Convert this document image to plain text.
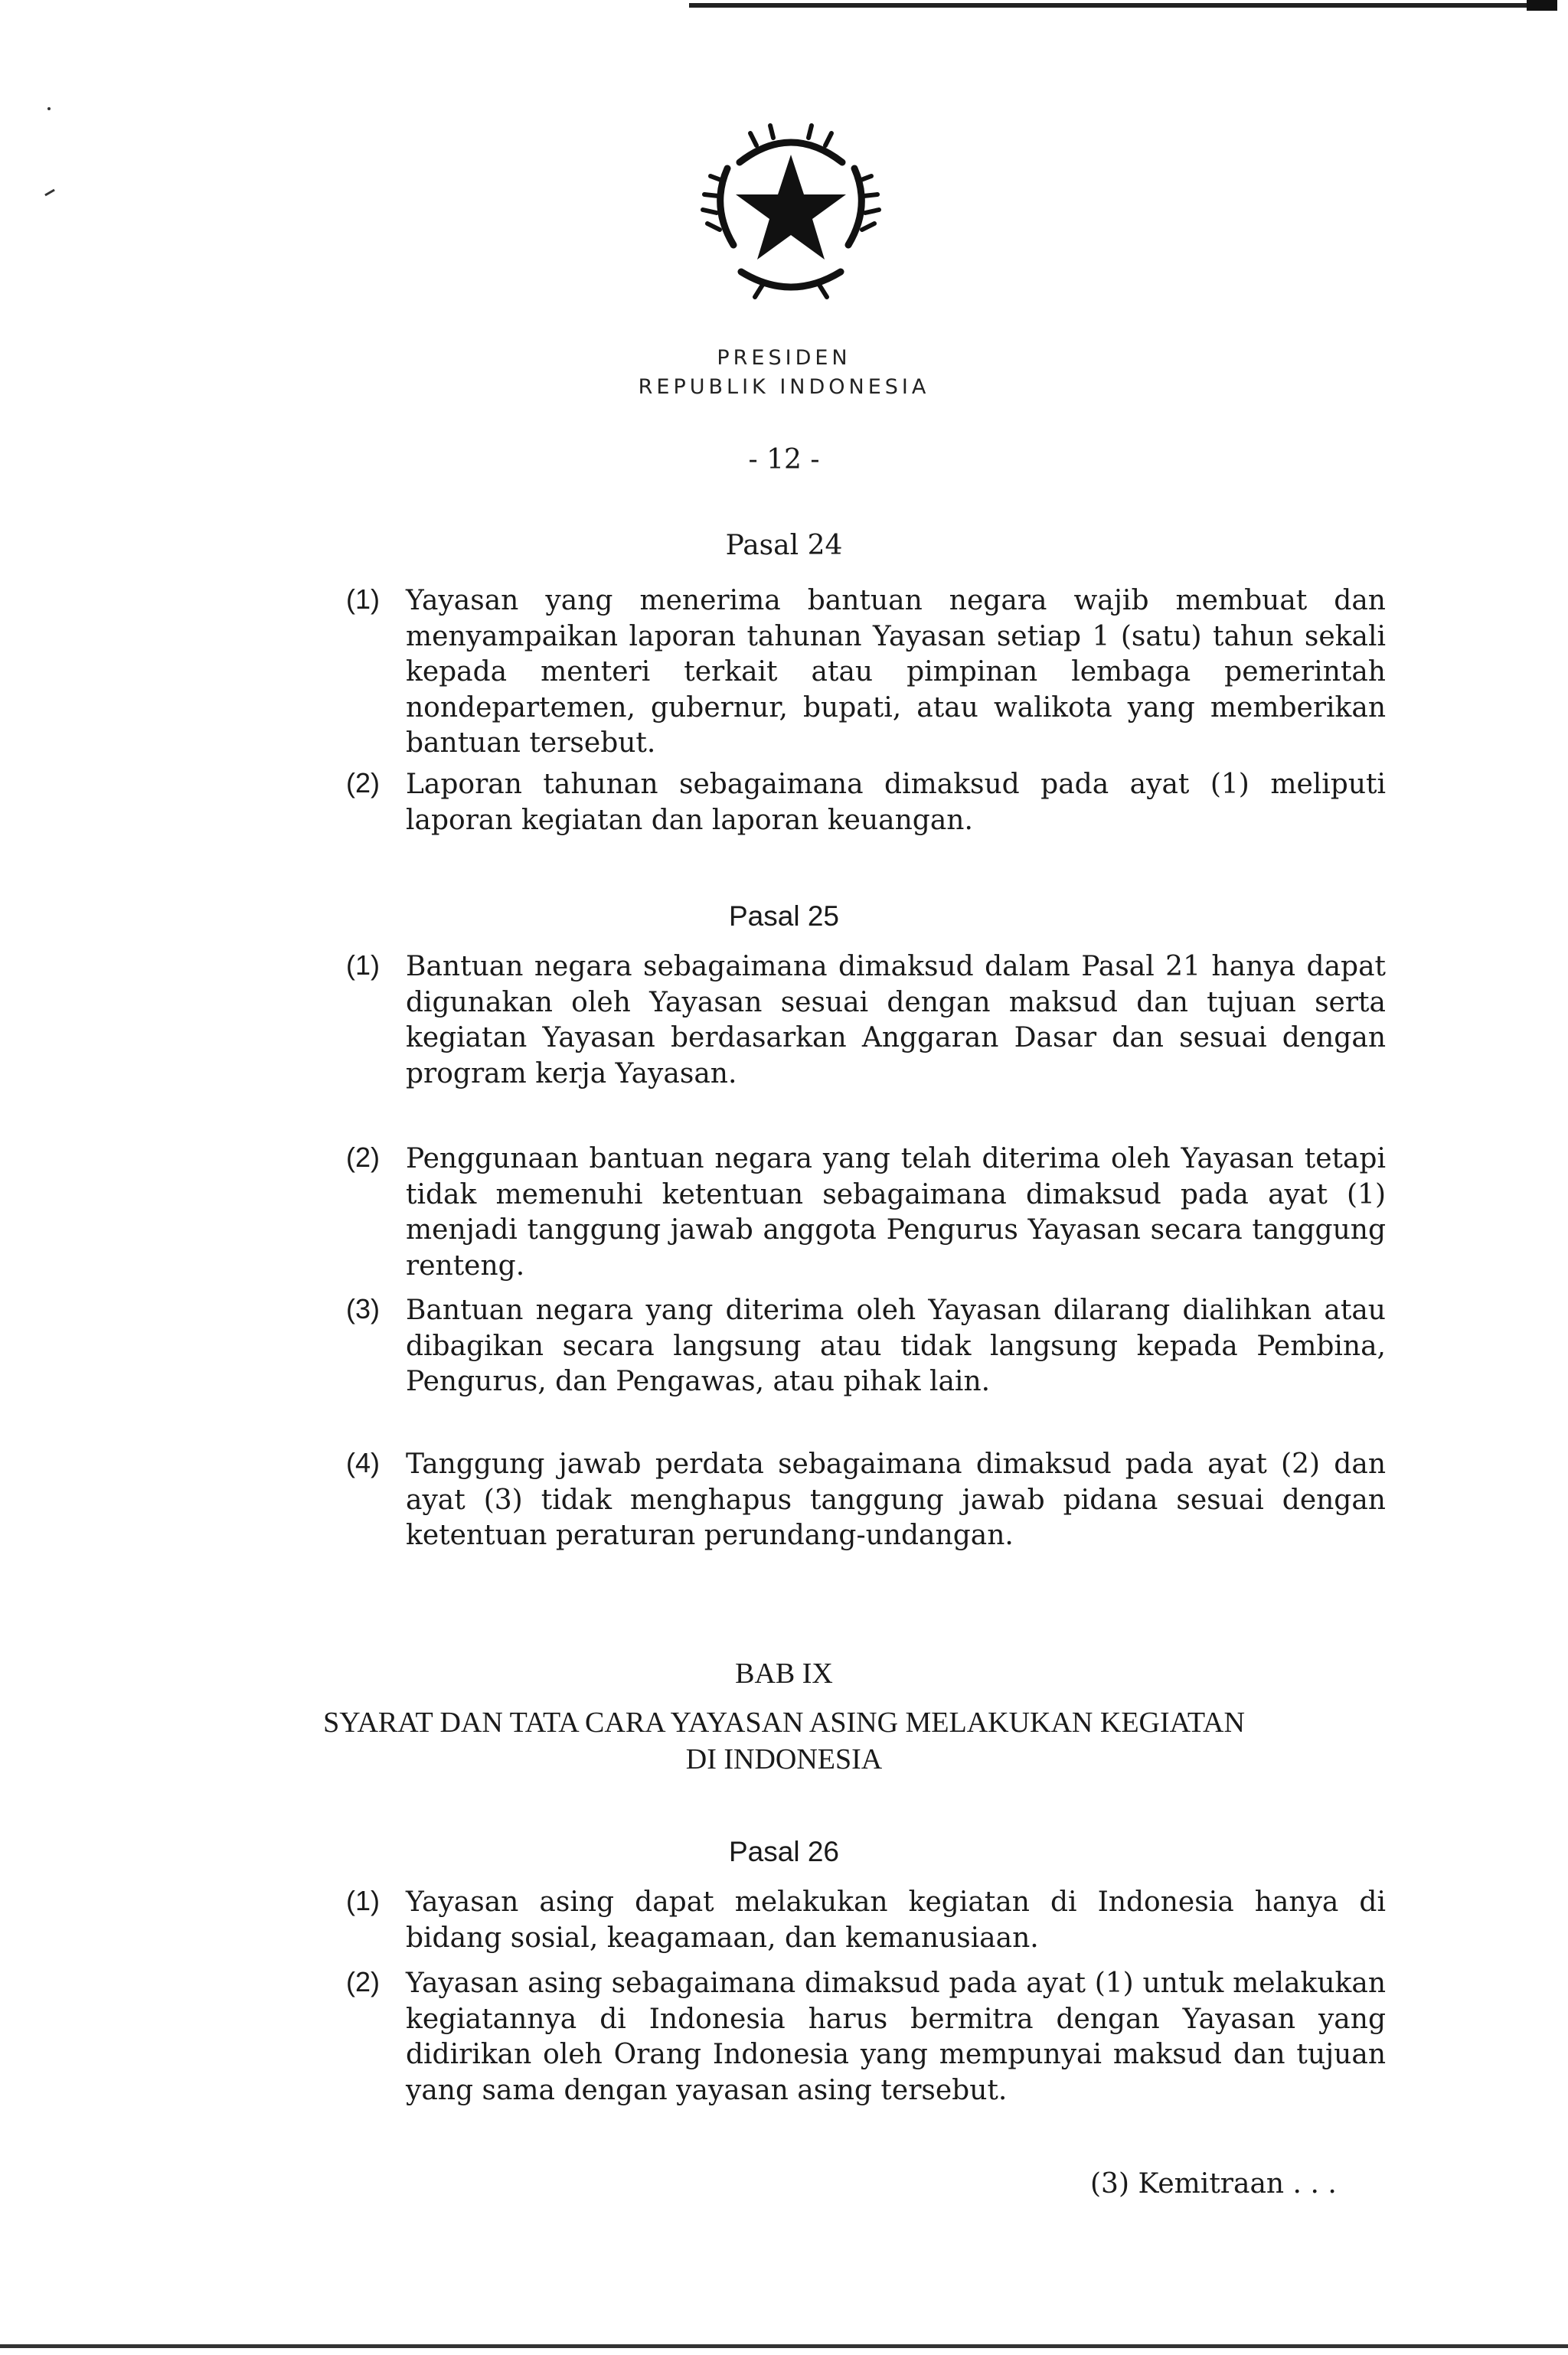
PRESIDEN
REPUBLIK INDONESIA
- 12 -
Pasal 24
(1) Yayasan yang menerima bantuan negara wajib membuat dan menyampaikan laporan tahunan Yayasan setiap 1 (satu) tahun sekali kepada menteri terkait atau pimpinan lembaga pemerintah nondepartemen, gubernur, bupati, atau walikota yang memberikan bantuan tersebut.
(2) Laporan tahunan sebagaimana dimaksud pada ayat (1) meliputi laporan kegiatan dan laporan keuangan.
Pasal 25
(1) Bantuan negara sebagaimana dimaksud dalam Pasal 21 hanya dapat digunakan oleh Yayasan sesuai dengan maksud dan tujuan serta kegiatan Yayasan berdasarkan Anggaran Dasar dan sesuai dengan program kerja Yayasan.
(2) Penggunaan bantuan negara yang telah diterima oleh Yayasan tetapi tidak memenuhi ketentuan sebagaimana dimaksud pada ayat (1) menjadi tanggung jawab anggota Pengurus Yayasan secara tanggung renteng.
(3) Bantuan negara yang diterima oleh Yayasan dilarang dialihkan atau dibagikan secara langsung atau tidak langsung kepada Pembina, Pengurus, dan Pengawas, atau pihak lain.
(4) Tanggung jawab perdata sebagaimana dimaksud pada ayat (2) dan ayat (3) tidak menghapus tanggung jawab pidana sesuai dengan ketentuan peraturan perundang-undangan.
BAB IX
SYARAT DAN TATA CARA YAYASAN ASING MELAKUKAN KEGIATAN
DI INDONESIA
Pasal 26
(1) Yayasan asing dapat melakukan kegiatan di Indonesia hanya di bidang sosial, keagamaan, dan kemanusiaan.
(2) Yayasan asing sebagaimana dimaksud pada ayat (1) untuk melakukan kegiatannya di Indonesia harus bermitra dengan Yayasan yang didirikan oleh Orang Indonesia yang mempunyai maksud dan tujuan yang sama dengan yayasan asing tersebut.
(3) Kemitraan . . .
